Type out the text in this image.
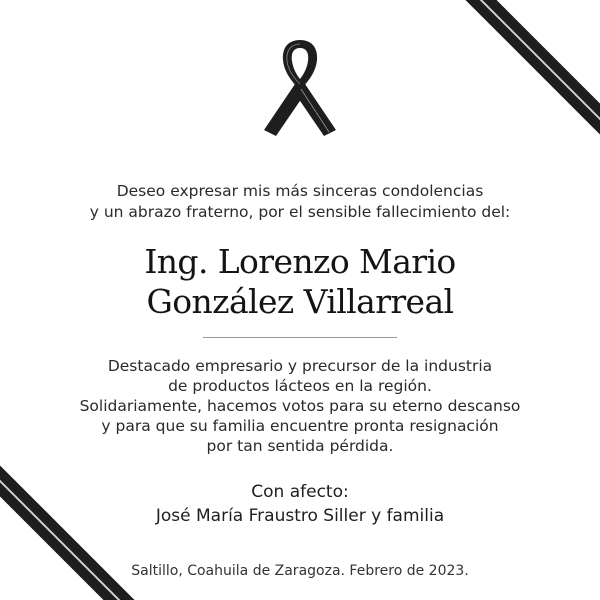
Deseo expresar mis más sinceras condolencias
y un abrazo fraterno, por el sensible fallecimiento del:
Ing. Lorenzo Mario
González Villarreal
Destacado empresario y precursor de la industria
de productos lácteos en la región.
Solidariamente, hacemos votos para su eterno descanso
y para que su familia encuentre pronta resignación
por tan sentida pérdida.
Con afecto:
José María Fraustro Siller y familia
Saltillo, Coahuila de Zaragoza. Febrero de 2023.
